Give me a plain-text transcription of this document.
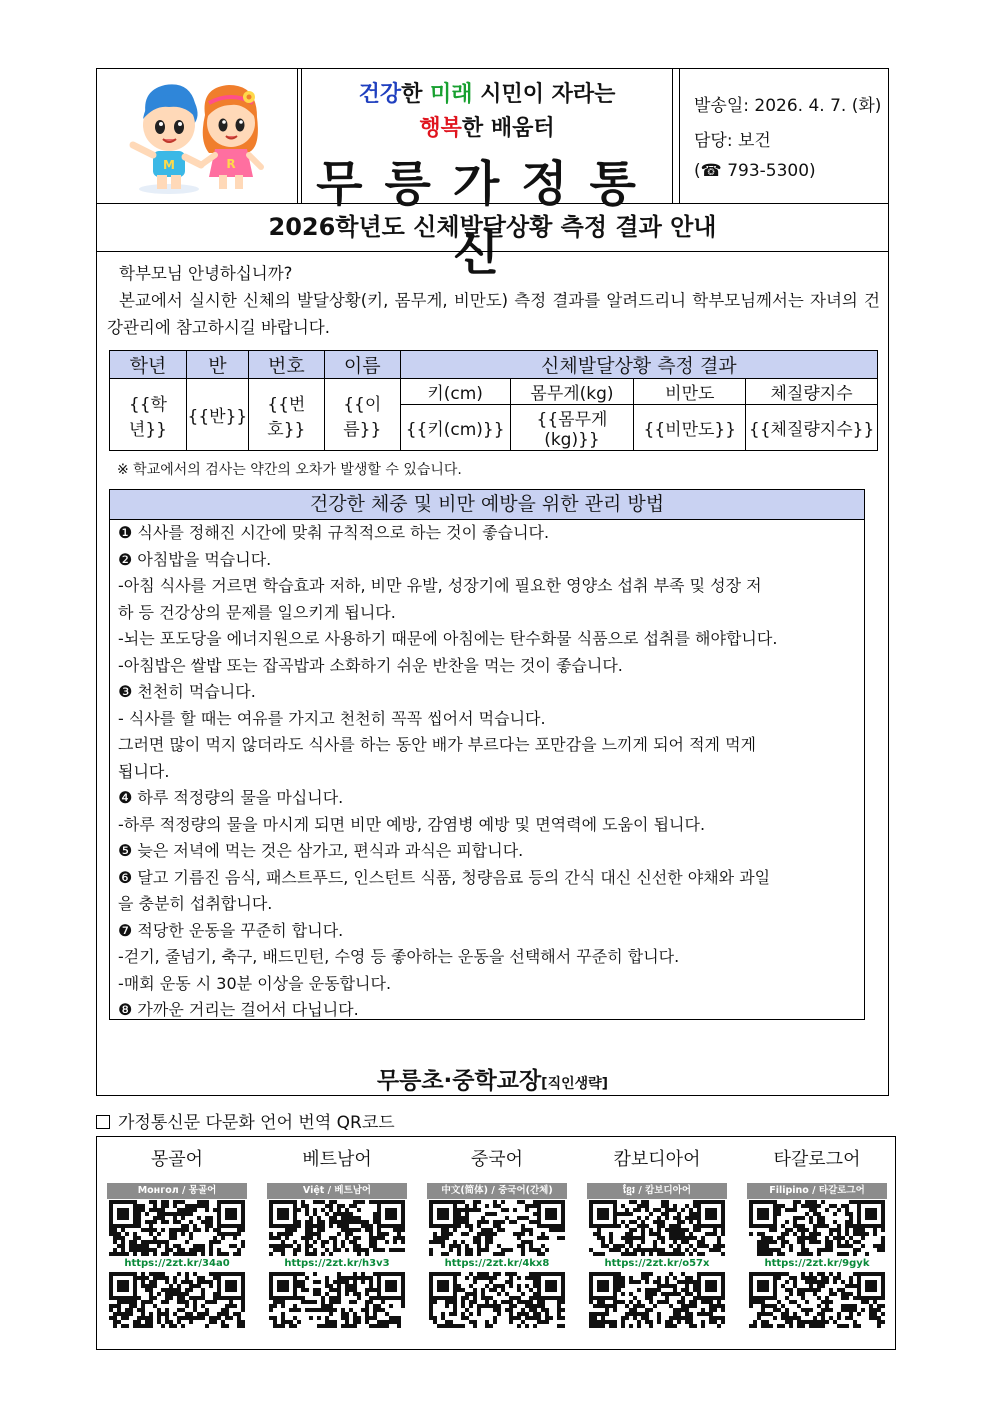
M	R
건강한 미래 시민이 자라는
행복한 배움터
무릉가정통신
발송일: 2026. 4. 7. (화)
담당: 보건
(☎ 793-5300)
2026학년도 신체발달상황 측정 결과 안내
학부모님 안녕하십니까?
본교에서 실시한 신체의 발달상황(키, 몸무게, 비만도) 측정 결과를 알려드리니 학부모님께서는 자녀의 건강관리에 참고하시길 바랍니다.
학년	반	번호	이름	신체발달상황 측정 결과			
{{학년}}	{{반}}	{{번호}}	{{이름}}	키(cm)	몸무게(kg)	비만도	체질량지수
				{{키(cm)}}	{{몸무게(kg)}}	{{비만도}}	{{체질량지수}}
※ 학교에서의 검사는 약간의 오차가 발생할 수 있습니다.
건강한 체중 및 비만 예방을 위한 관리 방법
❶ 식사를 정해진 시간에 맞춰 규칙적으로 하는 것이 좋습니다.
❷ 아침밥을 먹습니다.
-아침 식사를 거르면 학습효과 저하, 비만 유발, 성장기에 필요한 영양소 섭취 부족 및 성장 저
하 등 건강상의 문제를 일으키게 됩니다.
-뇌는 포도당을 에너지원으로 사용하기 때문에 아침에는 탄수화물 식품으로 섭취를 해야합니다.
-아침밥은 쌀밥 또는 잡곡밥과 소화하기 쉬운 반찬을 먹는 것이 좋습니다.
❸ 천천히 먹습니다.
- 식사를 할 때는 여유를 가지고 천천히 꼭꼭 씹어서 먹습니다.
그러면 많이 먹지 않더라도 식사를 하는 동안 배가 부르다는 포만감을 느끼게 되어 적게 먹게
됩니다.
❹ 하루 적정량의 물을 마십니다.
-하루 적정량의 물을 마시게 되면 비만 예방, 감염병 예방 및 면역력에 도움이 됩니다.
❺ 늦은 저녁에 먹는 것은 삼가고, 편식과 과식은 피합니다.
❻ 달고 기름진 음식, 패스트푸드, 인스턴트 식품, 청량음료 등의 간식 대신 신선한 야채와 과일
을 충분히 섭취합니다.
❼ 적당한 운동을 꾸준히 합니다.
-걷기, 줄넘기, 축구, 배드민턴, 수영 등 좋아하는 운동을 선택해서 꾸준히 합니다.
-매회 운동 시 30분 이상을 운동합니다.
❽ 가까운 거리는 걸어서 다닙니다.
무릉초·중학교장[직인생략]
가정통신문 다문화 언어 번역 QR코드
몽골어
Монгол / 몽골어
https://2zt.kr/34a0
베트남어
Việt / 베트남어
https://2zt.kr/h3v3
중국어
中文(简体) / 중국어(간체)
https://2zt.kr/4kx8
캄보디아어
ខ្មែរ / 캄보디아어
https://2zt.kr/o57x
타갈로그어
Filipino / 타갈로그어
https://2zt.kr/9gyk
